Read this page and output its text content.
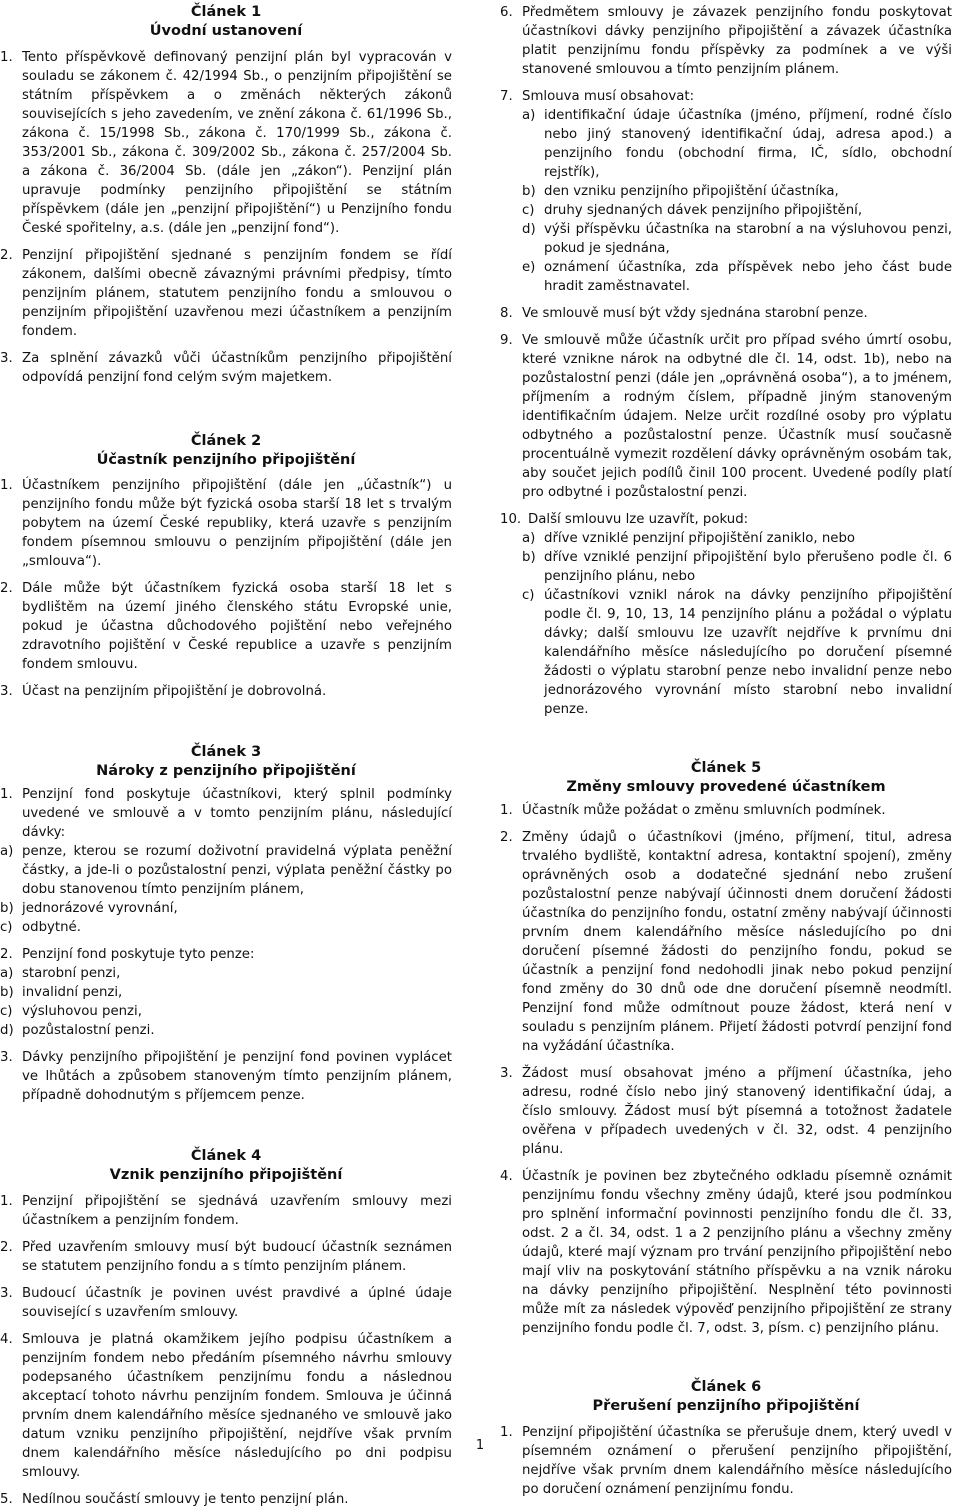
Článek 1
Úvodní ustanovení
1. Tento příspěvkově definovaný penzijní plán byl vypracován v souladu se zákonem č. 42/1994 Sb., o penzijním připojištění se státním příspěvkem a o změnách některých zákonů souvisejících s jeho zavedením, ve znění zákona č. 61/1996 Sb., zákona č. 15/1998 Sb., zákona č. 170/1999 Sb., zákona č. 353/2001 Sb., zákona č. 309/2002 Sb., zákona č. 257/2004 Sb. a zákona č. 36/2004 Sb. (dále jen „zákon“). Penzijní plán upravuje podmínky penzijního připojištění se státním příspěvkem (dále jen „penzijní připojištění“) u Penzijního fondu České spořitelny, a.s. (dále jen „penzijní fond“).
2. Penzijní připojištění sjednané s penzijním fondem se řídí zákonem, dalšími obecně závaznými právními předpisy, tímto penzijním plánem, statutem penzijního fondu a smlouvou o penzijním připojištění uzavřenou mezi účastníkem a penzijním fondem.
3. Za splnění závazků vůči účastníkům penzijního připojištění odpovídá penzijní fond celým svým majetkem.
Článek 2
Účastník penzijního připojištění
1. Účastníkem penzijního připojištění (dále jen „účastník“) u penzijního fondu může být fyzická osoba starší 18 let s trvalým pobytem na území České republiky, která uzavře s penzijním fondem písemnou smlouvu o penzijním připojištění (dále jen „smlouva“).
2. Dále může být účastníkem fyzická osoba starší 18 let s bydlištěm na území jiného členského státu Evropské unie, pokud je účastna důchodového pojištění nebo veřejného zdravotního pojištění v České republice a uzavře s penzijním fondem smlouvu.
3. Účast na penzijním připojištění je dobrovolná.
Článek 3
Nároky z penzijního připojištění
1. Penzijní fond poskytuje účastníkovi, který splnil podmínky uvedené ve smlouvě a v tomto penzijním plánu, následující dávky:
a) penze, kterou se rozumí doživotní pravidelná výplata peněžní částky, a jde-li o pozůstalostní penzi, výplata peněžní částky po dobu stanovenou tímto penzijním plánem,
b) jednorázové vyrovnání,
c) odbytné.
2. Penzijní fond poskytuje tyto penze:
a) starobní penzi,
b) invalidní penzi,
c) výsluhovou penzi,
d) pozůstalostní penzi.
3. Dávky penzijního připojištění je penzijní fond povinen vyplácet ve lhůtách a způsobem stanoveným tímto penzijním plánem, případně dohodnutým s příjemcem penze.
Článek 4
Vznik penzijního připojištění
1. Penzijní připojištění se sjednává uzavřením smlouvy mezi účastníkem a penzijním fondem.
2. Před uzavřením smlouvy musí být budoucí účastník seznámen se statutem penzijního fondu a s tímto penzijním plánem.
3. Budoucí účastník je povinen uvést pravdivé a úplné údaje související s uzavřením smlouvy.
4. Smlouva je platná okamžikem jejího podpisu účastníkem a penzijním fondem nebo předáním písemného návrhu smlouvy podepsaného účastníkem penzijnímu fondu a následnou akceptací tohoto návrhu penzijním fondem. Smlouva je účinná prvním dnem kalendářního měsíce sjednaného ve smlouvě jako datum vzniku penzijního připojištění, nejdříve však prvním dnem kalendářního měsíce následujícího po dni podpisu smlouvy.
5. Nedílnou součástí smlouvy je tento penzijní plán.
6. Předmětem smlouvy je závazek penzijního fondu poskytovat účastníkovi dávky penzijního připojištění a závazek účastníka platit penzijnímu fondu příspěvky za podmínek a ve výši stanovené smlouvou a tímto penzijním plánem.
7. Smlouva musí obsahovat:
a) identifikační údaje účastníka (jméno, příjmení, rodné číslo nebo jiný stanovený identifikační údaj, adresa apod.) a penzijního fondu (obchodní firma, IČ, sídlo, obchodní rejstřík),
b) den vzniku penzijního připojištění účastníka,
c) druhy sjednaných dávek penzijního připojištění,
d) výši příspěvku účastníka na starobní a na výsluhovou penzi, pokud je sjednána,
e) oznámení účastníka, zda příspěvek nebo jeho část bude hradit zaměstnavatel.
8. Ve smlouvě musí být vždy sjednána starobní penze.
9. Ve smlouvě může účastník určit pro případ svého úmrtí osobu, které vznikne nárok na odbytné dle čl. 14, odst. 1b), nebo na pozůstalostní penzi (dále jen „oprávněná osoba“), a to jménem, příjmením a rodným číslem, případně jiným stanoveným identifikačním údajem. Nelze určit rozdílné osoby pro výplatu odbytného a pozůstalostní penze. Účastník musí současně procentuálně vymezit rozdělení dávky oprávněným osobám tak, aby součet jejich podílů činil 100 procent. Uvedené podíly platí pro odbytné i pozůstalostní penzi.
10. Další smlouvu lze uzavřít, pokud:
a) dříve vzniklé penzijní připojištění zaniklo, nebo
b) dříve vzniklé penzijní připojištění bylo přerušeno podle čl. 6 penzijního plánu, nebo
c) účastníkovi vznikl nárok na dávky penzijního připojištění podle čl. 9, 10, 13, 14 penzijního plánu a požádal o výplatu dávky; další smlouvu lze uzavřít nejdříve k prvnímu dni kalendářního měsíce následujícího po doručení písemné žádosti o výplatu starobní penze nebo invalidní penze nebo jednorázového vyrovnání místo starobní nebo invalidní penze.
Článek 5
Změny smlouvy provedené účastníkem
1. Účastník může požádat o změnu smluvních podmínek.
2. Změny údajů o účastníkovi (jméno, příjmení, titul, adresa trvalého bydliště, kontaktní adresa, kontaktní spojení), změny oprávněných osob a dodatečné sjednání nebo zrušení pozůstalostní penze nabývají účinnosti dnem doručení žádosti účastníka do penzijního fondu, ostatní změny nabývají účinnosti prvním dnem kalendářního měsíce následujícího po dni doručení písemné žádosti do penzijního fondu, pokud se účastník a penzijní fond nedohodli jinak nebo pokud penzijní fond změny do 30 dnů ode dne doručení písemně neodmítl. Penzijní fond může odmítnout pouze žádost, která není v souladu s penzijním plánem. Přijetí žádosti potvrdí penzijní fond na vyžádání účastníka.
3. Žádost musí obsahovat jméno a příjmení účastníka, jeho adresu, rodné číslo nebo jiný stanovený identifikační údaj, a číslo smlouvy. Žádost musí být písemná a totožnost žadatele ověřena v případech uvedených v čl. 32, odst. 4 penzijního plánu.
4. Účastník je povinen bez zbytečného odkladu písemně oznámit penzijnímu fondu všechny změny údajů, které jsou podmínkou pro splnění informační povinnosti penzijního fondu dle čl. 33, odst. 2 a čl. 34, odst. 1 a 2 penzijního plánu a všechny změny údajů, které mají význam pro trvání penzijního připojištění nebo mají vliv na poskytování státního příspěvku a na vznik nároku na dávky penzijního připojištění. Nesplnění této povinnosti může mít za následek výpověď penzijního připojištění ze strany penzijního fondu podle čl. 7, odst. 3, písm. c) penzijního plánu.
Článek 6
Přerušení penzijního připojištění
1. Penzijní připojištění účastníka se přerušuje dnem, který uvedl v písemném oznámení o přerušení penzijního připojištění, nejdříve však prvním dnem kalendářního měsíce následujícího po doručení oznámení penzijnímu fondu.
1
